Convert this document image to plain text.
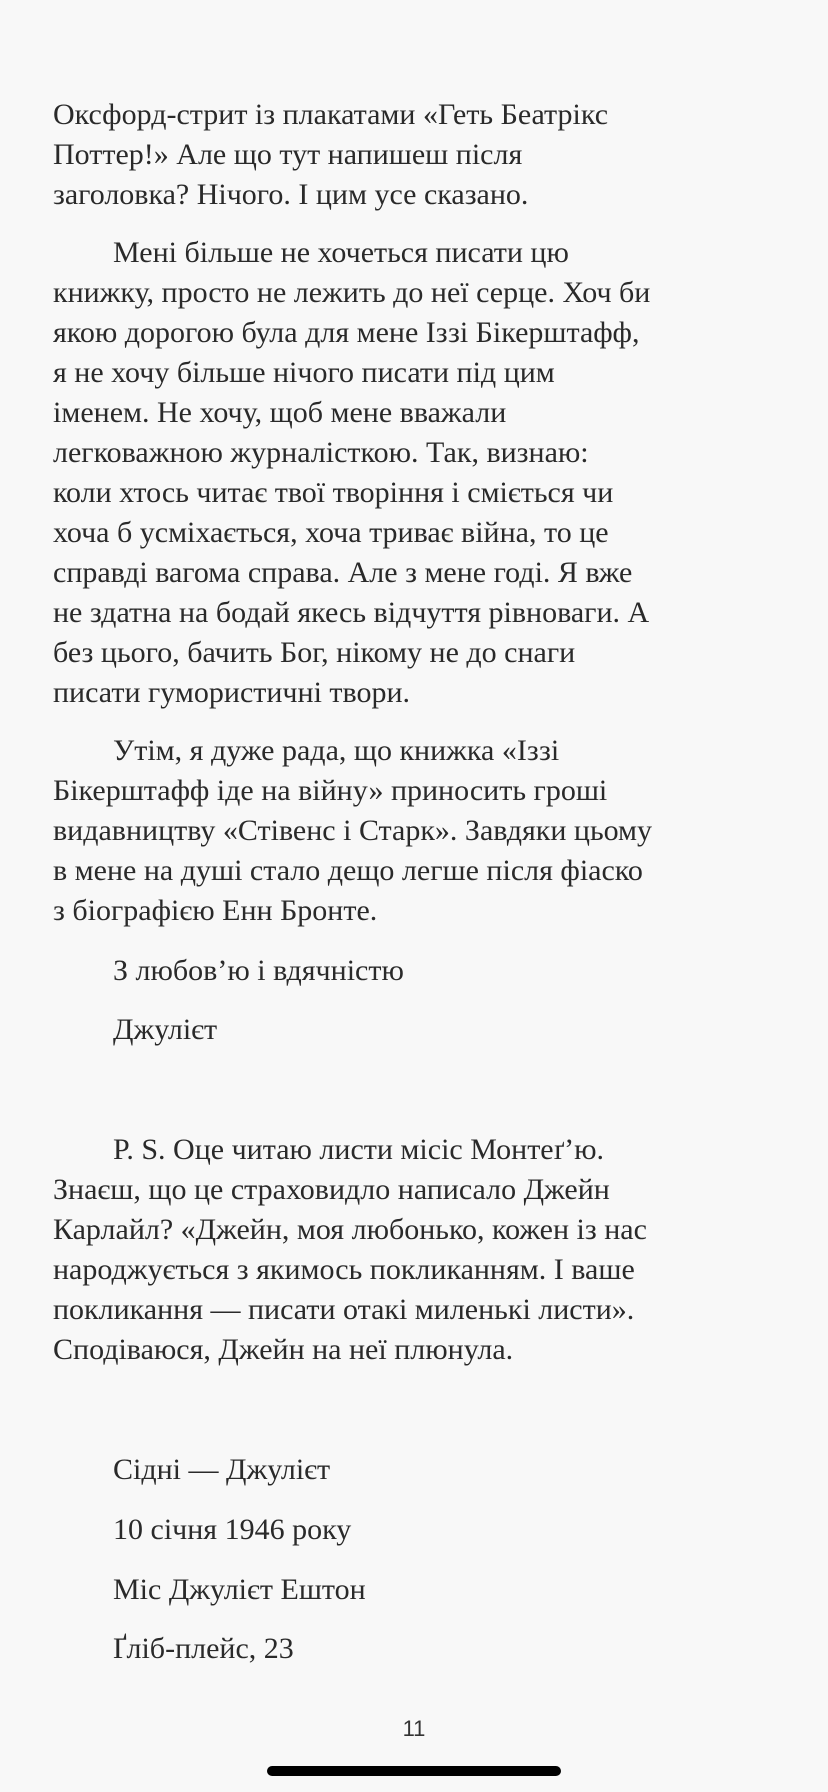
Оксфорд-стрит із плакатами «Геть Беатрікс
Поттер!» Але що тут напишеш після
заголовка? Нічого. І цим усе сказано.
Мені більше не хочеться писати цю
книжку, просто не лежить до неї серце. Хоч би
якою дорогою була для мене Іззі Бікерштафф,
я не хочу більше нічого писати під цим
іменем. Не хочу, щоб мене вважали
легковажною журналісткою. Так, визнаю:
коли хтось читає твої творіння і сміється чи
хоча б усміхається, хоча триває війна, то це
справді вагома справа. Але з мене годі. Я вже
не здатна на бодай якесь відчуття рівноваги. А
без цього, бачить Бог, нікому не до снаги
писати гумористичні твори.
Утім, я дуже рада, що книжка «Іззі
Бікерштафф іде на війну» приносить гроші
видавництву «Стівенс і Старк». Завдяки цьому
в мене на душі стало дещо легше після фіаско
з біографією Енн Бронте.
З любов’ю і вдячністю
Джулієт
P. S. Оце читаю листи місіс Монтеґ’ю.
Знаєш, що це страховидло написало Джейн
Карлайл? «Джейн, моя любонько, кожен із нас
народжується з якимось покликанням. І ваше
покликання — писати отакі миленькі листи».
Сподіваюся, Джейн на неї плюнула.
Сідні — Джулієт
10 січня 1946 року
Міс Джулієт Ештон
Ґліб-плейс, 23
11
